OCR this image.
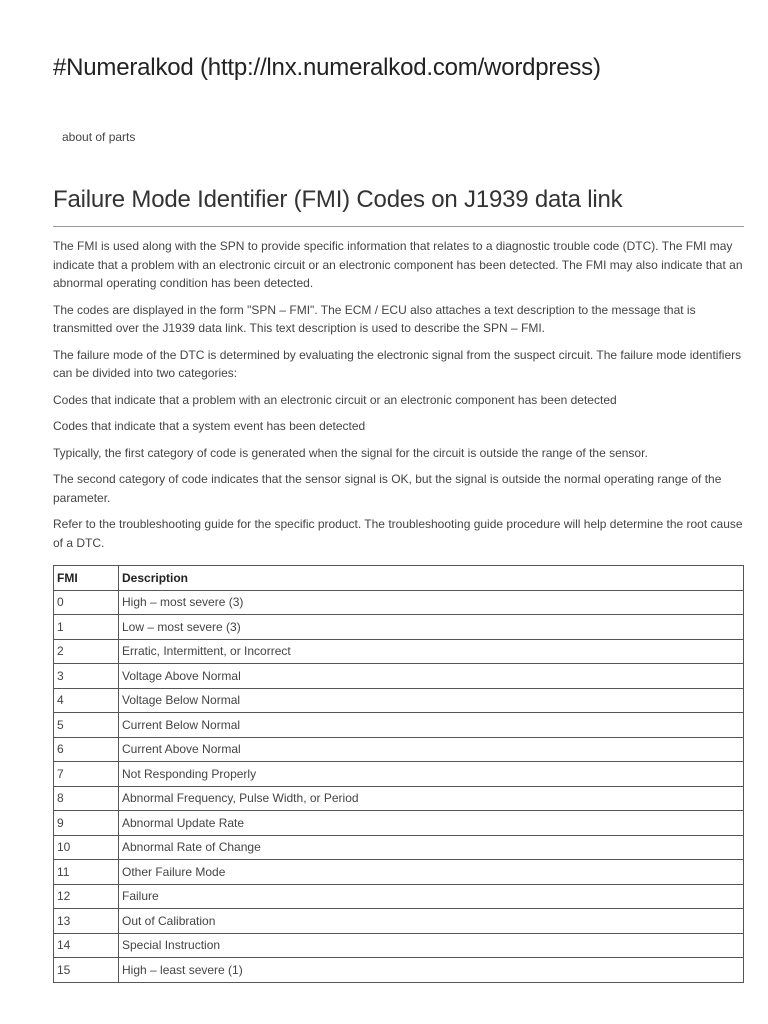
#Numeralkod (http://lnx.numeralkod.com/wordpress)
about of parts
Failure Mode Identifier (FMI) Codes on J1939 data link

The FMI is used along with the SPN to provide specific information that relates to a diagnostic trouble code (DTC). The FMI may indicate that a problem with an electronic circuit or an electronic component has been detected. The FMI may also indicate that an abnormal operating condition has been detected.

The codes are displayed in the form "SPN – FMI". The ECM / ECU also attaches a text description to the message that is transmitted over the J1939 data link. This text description is used to describe the SPN – FMI.

The failure mode of the DTC is determined by evaluating the electronic signal from the suspect circuit. The failure mode identifiers can be divided into two categories:

Codes that indicate that a problem with an electronic circuit or an electronic component has been detected

Codes that indicate that a system event has been detected

Typically, the first category of code is generated when the signal for the circuit is outside the range of the sensor.

The second category of code indicates that the sensor signal is OK, but the signal is outside the normal operating range of the parameter.

Refer to the troubleshooting guide for the specific product. The troubleshooting guide procedure will help determine the root cause of a DTC.

FMI	Description
0	High – most severe (3)
1	Low – most severe (3)
2	Erratic, Intermittent, or Incorrect
3	Voltage Above Normal
4	Voltage Below Normal
5	Current Below Normal
6	Current Above Normal
7	Not Responding Properly
8	Abnormal Frequency, Pulse Width, or Period
9	Abnormal Update Rate
10	Abnormal Rate of Change
11	Other Failure Mode
12	Failure
13	Out of Calibration
14	Special Instruction
15	High – least severe (1)
